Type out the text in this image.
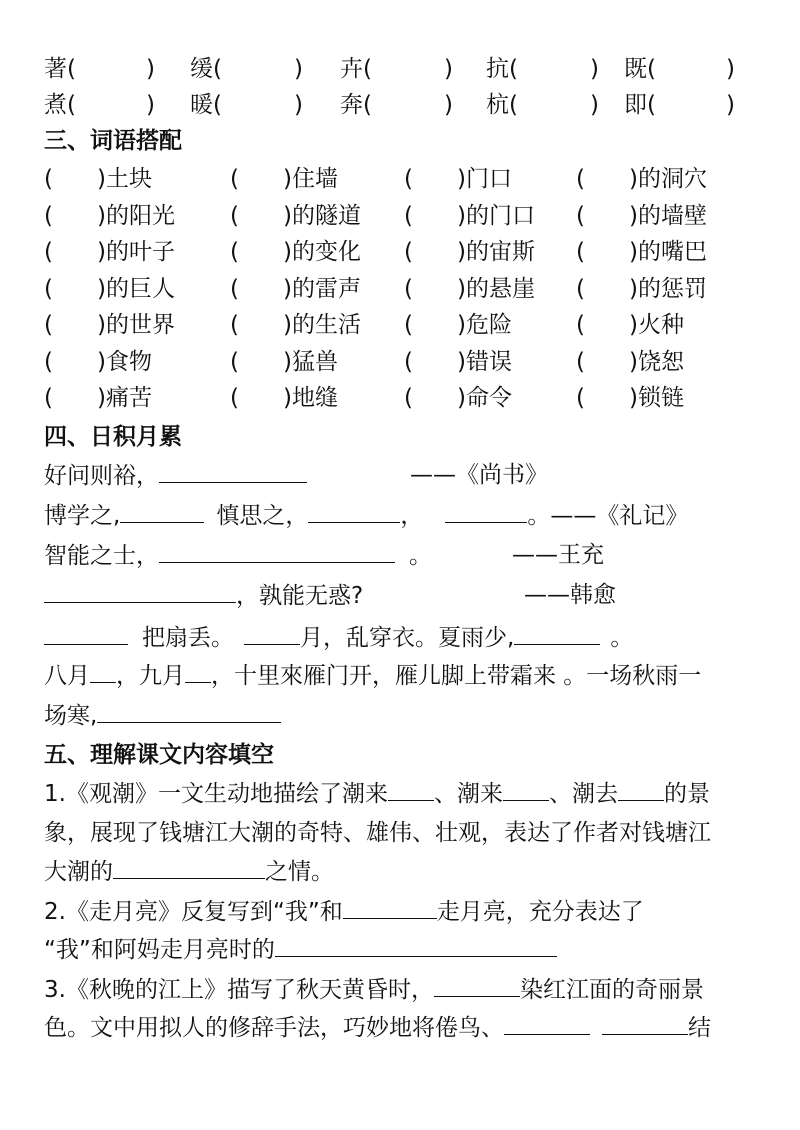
著(	) 缓(	) 卉(	) 抗(	) 既(	)
煮(	) 暖(	) 奔(	) 杭(	) 即(	)
三、词语搭配
( )土块	( )住墙	( )门口	( )的洞穴
( )的阳光 ( )的隧道 ( )的门口 ( )的墙壁
( )的叶子 ( )的变化 ( )的宙斯 ( )的嘴巴
( )的巨人 ( )的雷声 ( )的悬崖 ( )的惩罚
( )的世界 ( )的生活 ( )危险	( )火种
( )食物	( )猛兽	( )错误	( )饶恕
( )痛苦	( )地缝	( )命令	( )锁链
四、日积月累
好问则裕，	——《尚书》
博学之,	慎思之，	，	。——《礼记》
智能之士，	。	——王充
，孰能无惑?	——韩愈
把扇丢。	月，乱穿衣。夏雨少,	。
八月 ，九月 ，十里來雁门开，雁儿脚上带霜来 。一场秋雨一
场寒,
五、理解课文内容填空
1.《观潮》一文生动地描绘了潮来 、潮来 、潮去 的景
象，展现了钱塘江大潮的奇特、雄伟、壮观，表达了作者对钱塘江
大潮的	之情。
2.《走月亮》反复写到“我”和	走月亮，充分表达了
“我”和阿妈走月亮时的
3.《秋晚的江上》描写了秋天黄昏时，	染红江面的奇丽景
色。文中用拟人的修辞手法，巧妙地将倦鸟、	结
